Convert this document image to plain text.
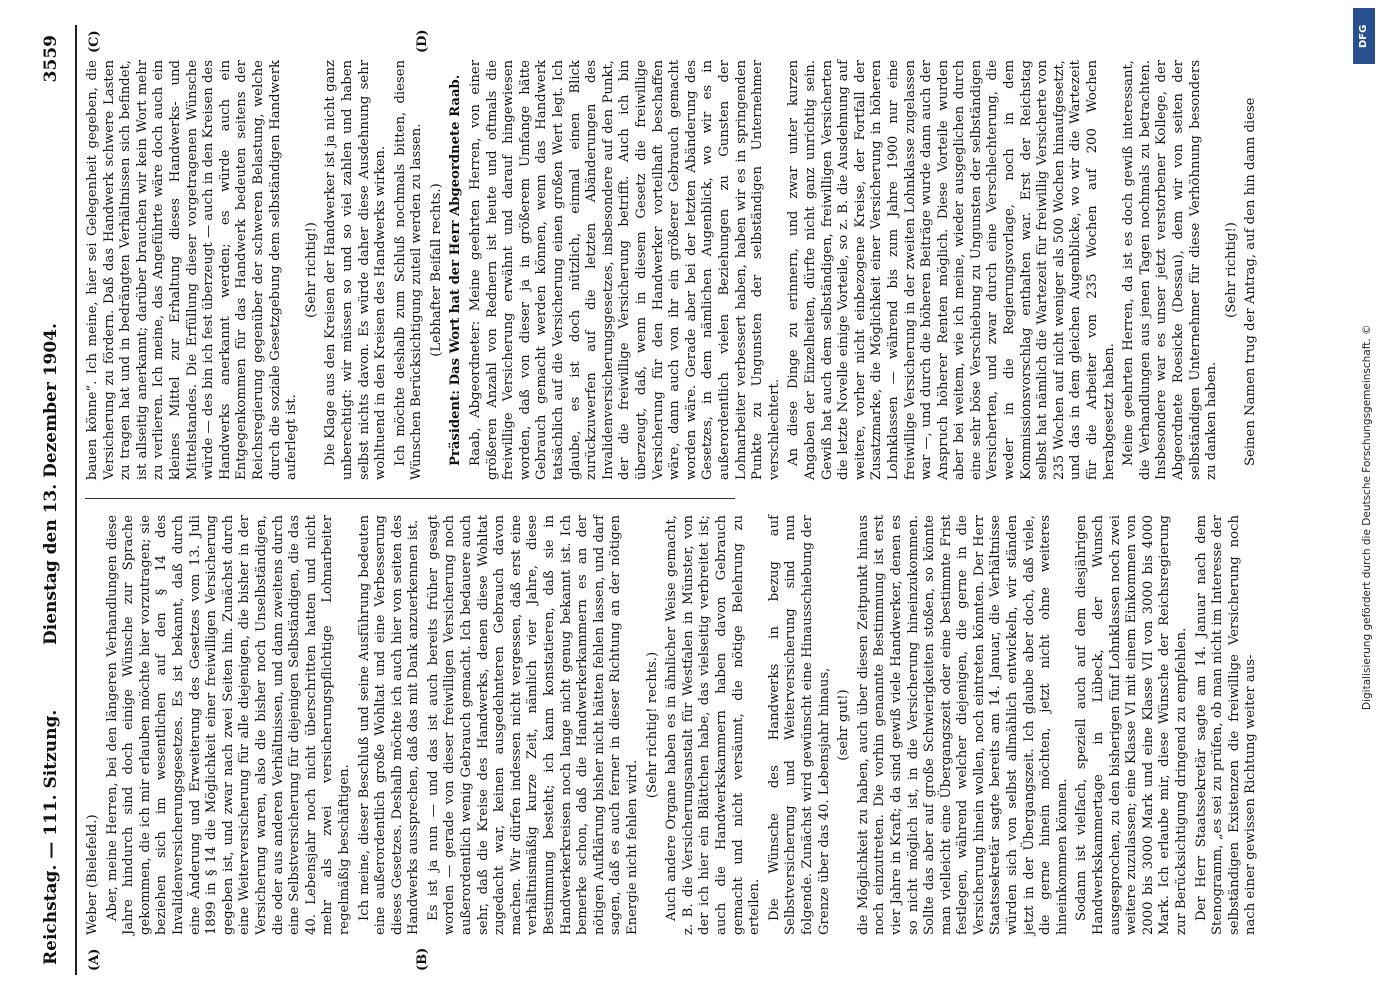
Reichstag. — 111. Sitzung.
Dienstag den 13. Dezember 1904.
3559
(A)	(B)
(C)	(D)

Weber (Bielefeld.) Aber, meine Herren, bei den längeren Verhandlungen diese Jahre hindurch sind doch einige Wünsche zur Sprache gekommen, die ich mir erlauben möchte hier vorzutragen; sie beziehen sich im wesentlichen auf den § 14 des Invalidenversicherungsgesetzes. Es ist bekannt, daß durch eine Änderung und Erweiterung des Gesetzes vom 13. Juli 1899 in § 14 die Möglichkeit einer freiwilligen Versicherung gegeben ist, und zwar nach zwei Seiten hin. Zunächst durch eine Weiterversicherung für alle diejenigen, die bisher in der Versicherung waren, also die bisher noch Unselbständigen, die oder aus anderen Verhältnissen, und dann zweitens durch eine Selbstversicherung für diejenigen Selbständigen, die das 40. Lebensjahr noch nicht überschritten hatten und nicht mehr als zwei versicherungspflichtige Lohnarbeiter regelmäßig beschäftigen. Ich meine, dieser Beschluß und seine Ausführung bedeuten eine außerordentlich große Wohltat und eine Verbesserung dieses Gesetzes. Deshalb möchte ich auch hier von seiten des Handwerks aussprechen, daß das mit Dank anzuerkennen ist. Es ist ja nun — und das ist auch bereits früher gesagt worden — gerade von dieser freiwilligen Versicherung noch außerordentlich wenig Gebrauch gemacht. Ich bedauere auch sehr, daß die Kreise des Handwerks, denen diese Wohltat zugedacht war, keinen ausgedehnteren Gebrauch davon machen. Wir dürfen indessen nicht vergessen, daß erst eine verhältnismäßig kurze Zeit, nämlich vier Jahre, diese Bestimmung besteht; ich kann konstatieren, daß sie in Handwerkerkreisen noch lange nicht genug bekannt ist. Ich bemerke schon, daß die Handwerkerkammern es an der nötigen Aufklärung bisher nicht hätten fehlen lassen, und darf sagen, daß es auch ferner in dieser Richtung an der nötigen Energie nicht fehlen wird.

(Sehr richtig! rechts.) Auch andere Organe haben es in ähnlicher Weise gemacht, z. B. die Versicherungsanstalt für Westfalen in Münster, von der ich hier ein Blättchen habe, das vielseitig verbreitet ist; auch die Handwerkskammern haben davon Gebrauch gemacht und nicht versäumt, die nötige Belehrung zu erteilen. Die Wünsche des Handwerks in bezug auf Selbstversicherung und Weiterversicherung sind nun folgende. Zunächst wird gewünscht eine Hinausschiebung der Grenze über das 40. Lebensjahr hinaus, (sehr gut!) die Möglichkeit zu haben, auch über diesen Zeitpunkt hinaus noch einzutreten. Die vorhin genannte Bestimmung ist erst vier Jahre in Kraft; da sind gewiß viele Handwerker, denen es so nicht möglich ist, in die Versicherung hineinzukommen. Sollte das aber auf große Schwierigkeiten stoßen, so könnte man vielleicht eine Übergangszeit oder eine bestimmte Frist festlegen, während welcher diejenigen, die gerne in die Versicherung hinein wollen, noch eintreten könnten. Der Herr Staatssekretär sagte bereits am 14. Januar, die Verhältnisse würden sich von selbst allmählich entwickeln, wir ständen jetzt in der Übergangszeit. Ich glaube aber doch, daß viele, die gerne hinein möchten, jetzt nicht ohne weiteres hineinkommen können. Sodann ist vielfach, speziell auch auf dem diesjährigen Handwerkskammertage in Lübeck, der Wunsch ausgesprochen, zu den bisherigen fünf Lohnklassen noch zwei weitere zuzulassen; eine Klasse VI mit einem Einkommen von 2000 bis 3000 Mark und eine Klasse VII von 3000 bis 4000 Mark. Ich erlaube mir, diese Wünsche der Reichsregierung zur Berücksichtigung dringend zu empfehlen. Der Herr Staatssekretär sagte am 14. Januar nach dem Stenogramm, „es sei zu prüfen, ob man nicht im Interesse der selbständigen Existenzen die freiwillige Versicherung noch nach einer gewissen Richtung weiter aus-

bauen könne“. Ich meine, hier sei Gelegenheit gegeben, die Versicherung zu fördern. Daß das Handwerk schwere Lasten zu tragen hat und in bedrängten Verhältnissen sich befindet, ist allseitig anerkannt; darüber brauchen wir kein Wort mehr zu verlieren. Ich meine, das Angeführte wäre doch auch ein kleines Mittel zur Erhaltung dieses Handwerks- und Mittelstandes. Die Erfüllung dieser vorgetragenen Wünsche würde — des bin ich fest überzeugt — auch in den Kreisen des Handwerks anerkannt werden; es würde auch ein Entgegenkommen für das Handwerk bedeuten seitens der Reichsregierung gegenüber der schweren Belastung, welche durch die soziale Gesetzgebung dem selbständigen Handwerk auferlegt ist.

(Sehr richtig!) Die Klage aus den Kreisen der Handwerker ist ja nicht ganz unberechtigt: wir müssen so und so viel zahlen und haben selbst nichts davon. Es würde daher diese Ausdehnung sehr wohltuend in den Kreisen des Handwerks wirken. Ich möchte deshalb zum Schluß nochmals bitten, diesen Wünschen Berücksichtigung zuteil werden zu lassen. (Lebhafter Beifall rechts.) Präsident: Das Wort hat der Herr Abgeordnete Raab. Raab, Abgeordneter: Meine geehrten Herren, von einer größeren Anzahl von Rednern ist heute und oftmals die freiwillige Versicherung erwähnt und darauf hingewiesen worden, daß von dieser ja in größerem Umfange hätte Gebrauch gemacht werden können, wenn das Handwerk tatsächlich auf die Versicherung einen großen Wert legt. Ich glaube, es ist doch nützlich, einmal einen Blick zurückzuwerfen auf die letzten Abänderungen des Invalidenversicherungsgesetzes, insbesondere auf den Punkt, der die freiwillige Versicherung betrifft. Auch ich bin überzeugt, daß, wenn in diesem Gesetz die freiwillige Versicherung für den Handwerker vorteilhaft beschaffen wäre, dann auch von ihr ein größerer Gebrauch gemacht worden wäre. Gerade aber bei der letzten Abänderung des Gesetzes, in dem nämlichen Augenblick, wo wir es in außerordentlich vielen Beziehungen zu Gunsten der Lohnarbeiter verbessert haben, haben wir es in springenden Punkte zu Ungunsten der selbständigen Unternehmer verschlechtert. An diese Dinge zu erinnern, und zwar unter kurzen Angaben der Einzelheiten, dürfte nicht ganz unrichtig sein. Gewiß hat auch dem selbständigen, freiwilligen Versicherten die letzte Novelle einige Vorteile, so z. B. die Ausdehnung auf weitere, vorher nicht einbezogene Kreise, der Fortfall der Zusatzmarke, die Möglichkeit einer Versicherung in höheren Lohnklassen — während bis zum Jahre 1900 nur eine freiwillige Versicherung in der zweiten Lohnklasse zugelassen war —, und durch die höheren Beiträge wurde dann auch der Anspruch höherer Renten möglich. Diese Vorteile wurden aber bei weitem, wie ich meine, wieder ausgeglichen durch eine sehr böse Verschiebung zu Ungunsten der selbständigen Versicherten, und zwar durch eine Verschlechterung, die weder in die Regierungsvorlage, noch in dem Kommissionsvorschlag enthalten war. Erst der Reichstag selbst hat nämlich die Wartezeit für freiwillig Versicherte von 235 Wochen auf nicht weniger als 500 Wochen hinaufgesetzt, und das in dem gleichen Augenblicke, wo wir die Wartezeit für die Arbeiter von 235 Wochen auf 200 Wochen herabgesetzt haben. Meine geehrten Herren, da ist es doch gewiß interessant, die Verhandlungen aus jenen Tagen nochmals zu betrachten. Insbesondere war es unser jetzt verstorbener Kollege, der Abgeordnete Roesicke (Dessau), dem wir von seiten der selbständigen Unternehmer für diese Verhöhnung besonders zu danken haben.

(Sehr richtig!) Seinen Namen trug der Antrag, auf den hin dann diese

DFG
Digitalisierung gefördert durch die Deutsche Forschungsgemeinschaft. ©
